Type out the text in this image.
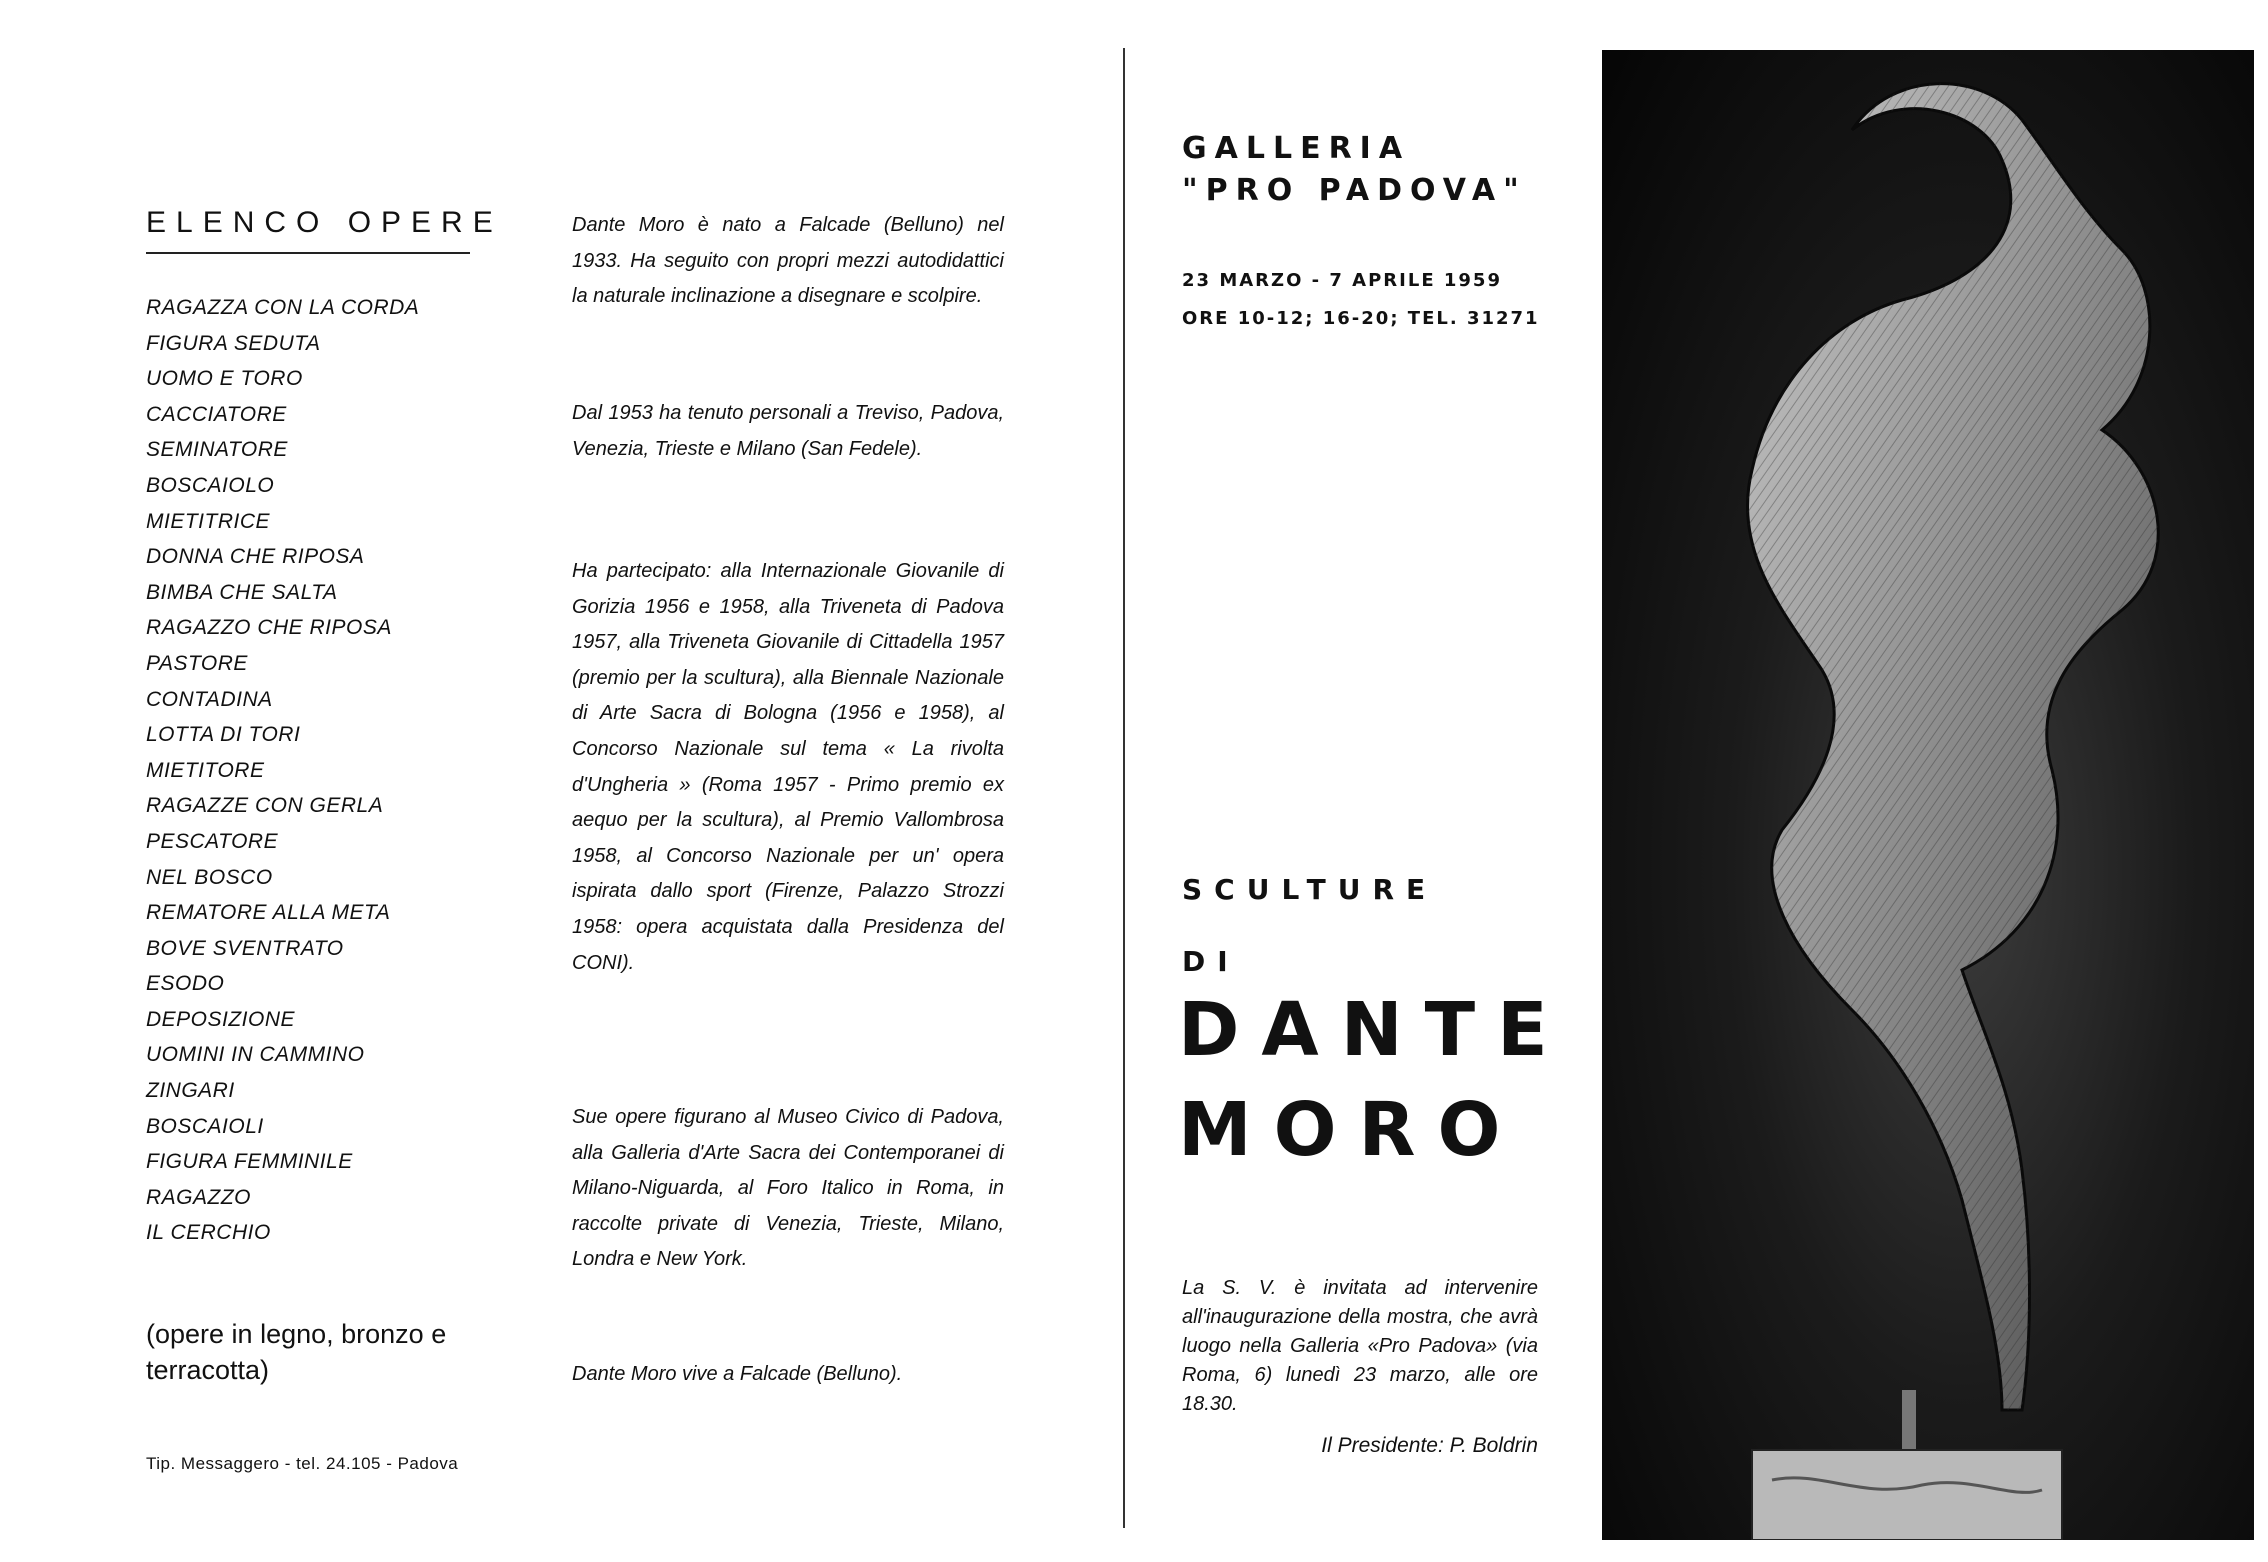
ELENCO OPERE
RAGAZZA CON LA CORDA
FIGURA SEDUTA
UOMO E TORO
CACCIATORE
SEMINATORE
BOSCAIOLO
MIETITRICE
DONNA CHE RIPOSA
BIMBA CHE SALTA
RAGAZZO CHE RIPOSA
PASTORE
CONTADINA
LOTTA DI TORI
MIETITORE
RAGAZZE CON GERLA
PESCATORE
NEL BOSCO
REMATORE ALLA META
BOVE SVENTRATO
ESODO
DEPOSIZIONE
UOMINI IN CAMMINO
ZINGARI
BOSCAIOLI
FIGURA FEMMINILE
RAGAZZO
IL CERCHIO
(opere in legno, bronzo e terracotta)
Tip. Messaggero - tel. 24.105 - Padova
Dante Moro è nato a Falcade (Belluno) nel 1933. Ha seguito con propri mezzi autodidattici la naturale inclinazione a disegnare e scolpire.
Dal 1953 ha tenuto personali a Treviso, Padova, Venezia, Trieste e Milano (San Fedele).
Ha partecipato: alla Internazionale Giovanile di Gorizia 1956 e 1958, alla Triveneta di Padova 1957, alla Triveneta Giovanile di Cittadella 1957 (premio per la scultura), alla Biennale Nazionale di Arte Sacra di Bologna (1956 e 1958), al Concorso Nazionale sul tema « La rivolta d'Ungheria » (Roma 1957 - Primo premio ex aequo per la scultura), al Premio Vallombrosa 1958, al Concorso Nazionale per un' opera ispirata dallo sport (Firenze, Palazzo Strozzi 1958: opera acquistata dalla Presidenza del CONI).
Sue opere figurano al Museo Civico di Padova, alla Galleria d'Arte Sacra dei Contemporanei di Milano-Niguarda, al Foro Italico in Roma, in raccolte private di Venezia, Trieste, Milano, Londra e New York.
Dante Moro vive a Falcade (Belluno).
GALLERIA
"PRO PADOVA"
23 MARZO - 7 APRILE 1959
ORE 10-12; 16-20; TEL. 31271
SCULTURE
DI
DANTE
MORO
La S. V. è invitata ad intervenire all'inaugurazione della mostra, che avrà luogo nella Galleria «Pro Padova» (via Roma, 6) lunedì 23 marzo, alle ore 18.30.
Il Presidente: P. Boldrin
